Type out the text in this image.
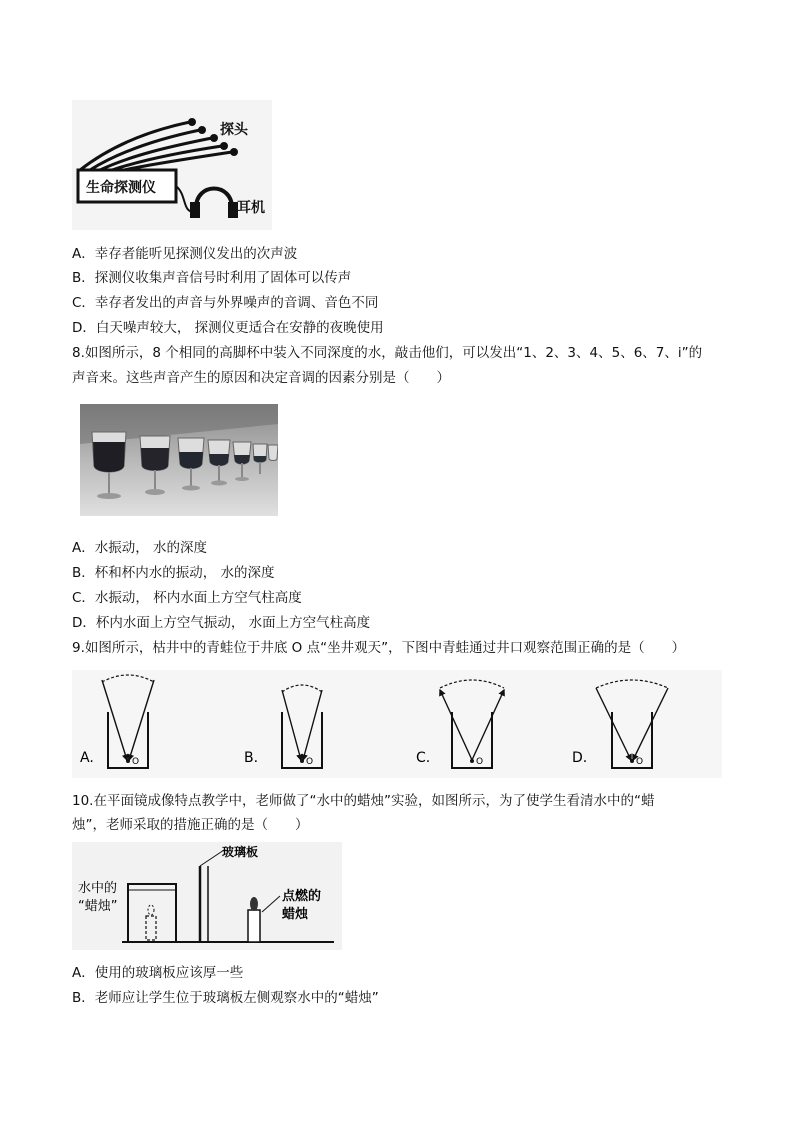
探头
生命探测仪
耳机
A．幸存者能听见探测仪发出的次声波
B．探测仪收集声音信号时利用了固体可以传声
C．幸存者发出的声音与外界噪声的音调、音色不同
D．白天噪声较大， 探测仪更适合在安静的夜晚使用
8.如图所示，8 个相同的高脚杯中装入不同深度的水，敲击他们，可以发出“1、2、3、4、5、6、7、i”的
声音来。这些声音产生的原因和决定音调的因素分别是（　　）
A．水振动， 水的深度
B．杯和杯内水的振动， 水的深度
C．水振动， 杯内水面上方空气柱高度
D．杯内水面上方空气振动， 水面上方空气柱高度
9.如图所示，枯井中的青蛙位于井底 O 点“坐井观天”，下图中青蛙通过井口观察范围正确的是（　　）
O
A.	O
B.	O
C.	O
D.
10.在平面镜成像特点教学中，老师做了“水中的蜡烛”实验，如图所示，为了使学生看清水中的“蜡
烛”，老师采取的措施正确的是（　　）
水中的
“蜡烛”
玻璃板
点燃的
蜡烛
A．使用的玻璃板应该厚一些
B．老师应让学生位于玻璃板左侧观察水中的“蜡烛”
